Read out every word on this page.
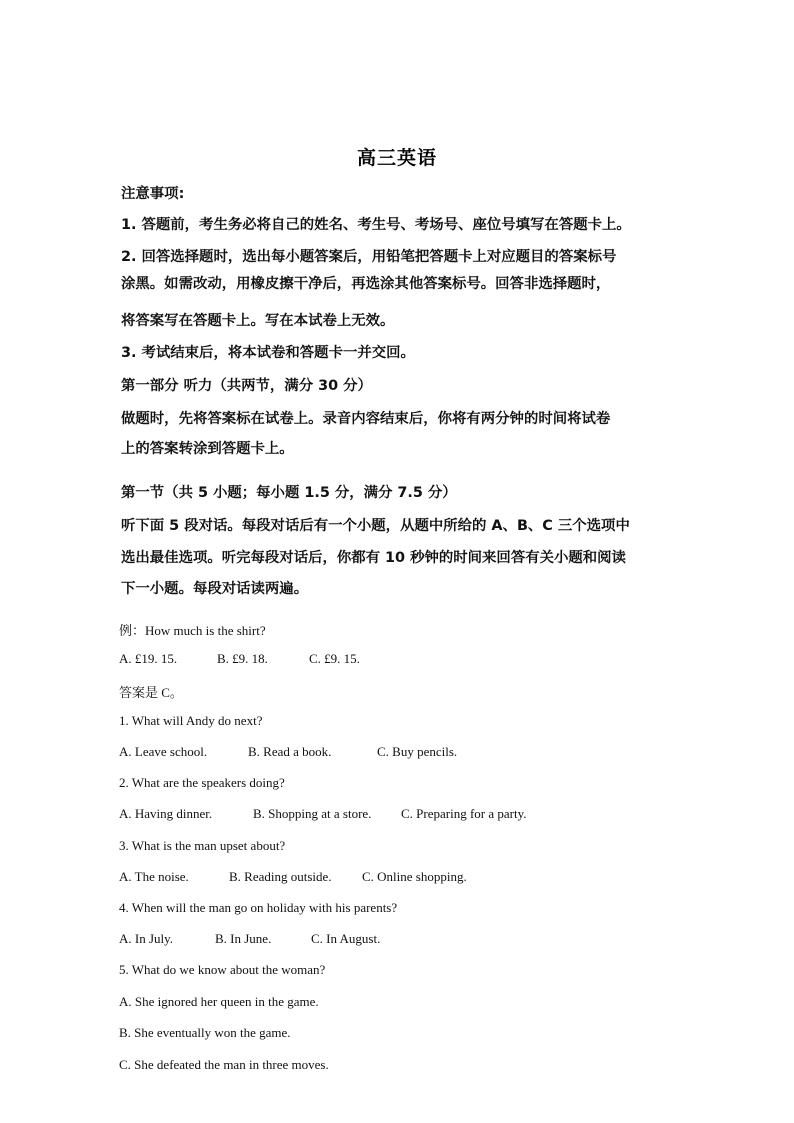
高三英语
注意事项:
1. 答题前，考生务必将自己的姓名、考生号、考场号、座位号填写在答题卡上。
2. 回答选择题时，选出每小题答案后，用铅笔把答题卡上对应题目的答案标号
涂黑。如需改动，用橡皮擦干净后，再选涂其他答案标号。回答非选择题时，
将答案写在答题卡上。写在本试卷上无效。
3. 考试结束后，将本试卷和答题卡一并交回。
第一部分 听力（共两节，满分 30 分）
做题时，先将答案标在试卷上。录音内容结束后，你将有两分钟的时间将试卷
上的答案转涂到答题卡上。
第一节（共 5 小题；每小题 1.5 分，满分 7.5 分）
听下面 5 段对话。每段对话后有一个小题，从题中所给的 A、B、C 三个选项中
选出最佳选项。听完每段对话后，你都有 10 秒钟的时间来回答有关小题和阅读
下一小题。每段对话读两遍。
例：How much is the shirt?
A. £19. 15.	B. £9. 18.	C. £9. 15.
答案是 C。
1. What will Andy do next?
A. Leave school.	B. Read a book.	C. Buy pencils.
2. What are the speakers doing?
A. Having dinner.	B. Shopping at a store. C. Preparing for a party.
3. What is the man upset about?
A. The noise.	B. Reading outside. C. Online shopping.
4. When will the man go on holiday with his parents?
A. In July.	B. In June.	C. In August.
5. What do we know about the woman?
A. She ignored her queen in the game.
B. She eventually won the game.
C. She defeated the man in three moves.
